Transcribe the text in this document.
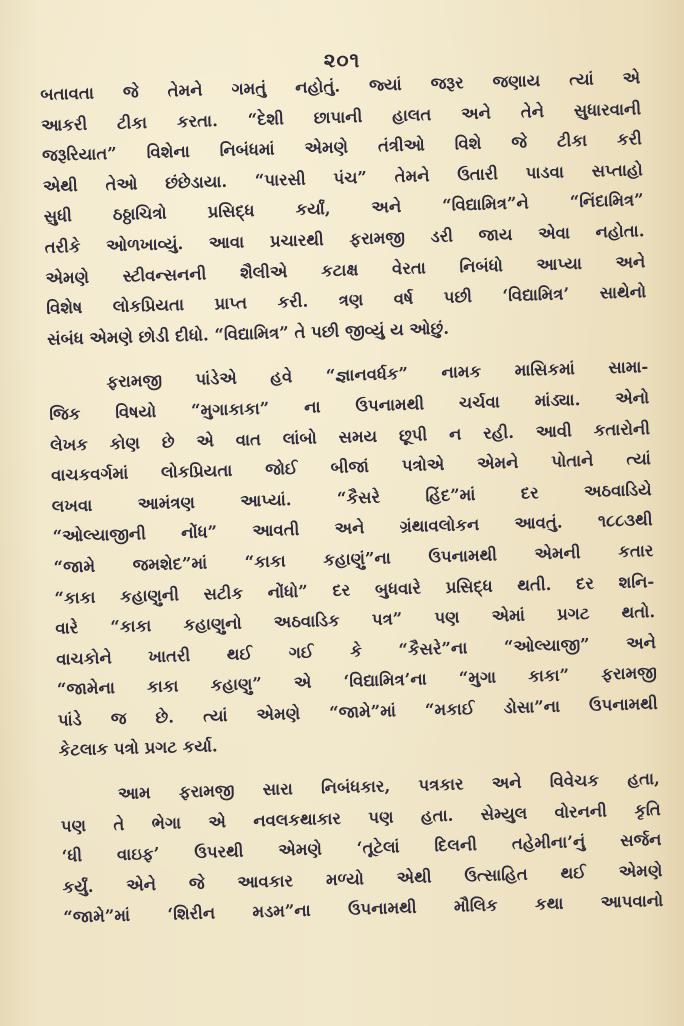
૨૦૧
બતાવતા જે તેમને ગમતું નહોતું. જ્યાં જરૂર જણાય ત્યાં એ
આકરી ટીકા કરતા. “દેશી છાપાની હાલત અને તેને સુધારવાની
જરૂરિયાત” વિશેના નિબંધમાં એમણે તંત્રીઓ વિશે જે ટીકા કરી
એથી તેઓ છંછેડાયા. “પારસી પંચ” તેમને ઉતારી પાડવા સપ્તાહો
સુધી ઠઠ્ઠાચિત્રો પ્રસિદ્ધ કર્યાં, અને “વિદ્યામિત્ર”ને “નિંદામિત્ર”
તરીકે ઓળખાવ્યું. આવા પ્રચારથી ફરામજી ડરી જાય એવા નહોતા.
એમણે સ્ટીવન્સનની શૈલીએ કટાક્ષ વેરતા નિબંધો આપ્યા અને
વિશેષ લોકપ્રિયતા પ્રાપ્ત કરી. ત્રણ વર્ષ પછી ‘વિદ્યામિત્ર’ સાથેનો
સંબંધ એમણે છોડી દીધો. “વિદ્યામિત્ર” તે પછી જીવ્યું ય ઓછું.
ફરામજી પાંડેએ હવે “જ્ઞાનવર્ધક” નામક માસિકમાં સામા-
જિક વિષયો “મુગાકાકા” ના ઉપનામથી ચર્ચવા માંડ્યા. એનો
લેખક કોણ છે એ વાત લાંબો સમય છૂપી ન રહી. આવી કતારોની
વાચકવર્ગમાં લોકપ્રિયતા જોઈ બીજાં પત્રોએ એમને પોતાને ત્યાં
લખવા આમંત્રણ આપ્યાં. “કૈસરે હિંદ”માં દર અઠવાડિયે
“ઓલ્યાજીની નોંધ” આવતી અને ગ્રંથાવલોકન આવતું. ૧૮૮૩થી
“જામે જમશેદ”માં “કાકા કહાણું”ના ઉપનામથી એમની કતાર
“કાકા કહાણુની સટીક નોંધો” દર બુધવારે પ્રસિદ્ધ થતી. દર શનિ-
વારે “કાકા કહાણુનો અઠવાડિક પત્ર” પણ એમાં પ્રગટ થતો.
વાચકોને ખાતરી થઈ ગઈ કે “કૈસરે”ના “ઓલ્યાજી” અને
“જામેના કાકા કહાણુ” એ ‘વિદ્યામિત્ર’ના “મુગા કાકા” ફરામજી
પાંડે જ છે. ત્યાં એમણે “જામે”માં “મકાઈ ડોસા”ના ઉપનામથી
કેટલાક પત્રો પ્રગટ કર્યા.
આમ ફરામજી સારા નિબંધકાર, પત્રકાર અને વિવેચક હતા,
પણ તે ભેગા એ નવલકથાકાર પણ હતા. સેમ્યુલ વોરનની કૃતિ
‘ધી વાઇફ’ ઉપરથી એમણે ‘તૂટેલાં દિલની તહેમીના’નું સર્જન
કર્યું. એને જે આવકાર મળ્યો એથી ઉત્સાહિત થઈ એમણે
“જામે”માં ‘શિરીન મડમ”ના ઉપનામથી મૌલિક કથા આપવાનો
